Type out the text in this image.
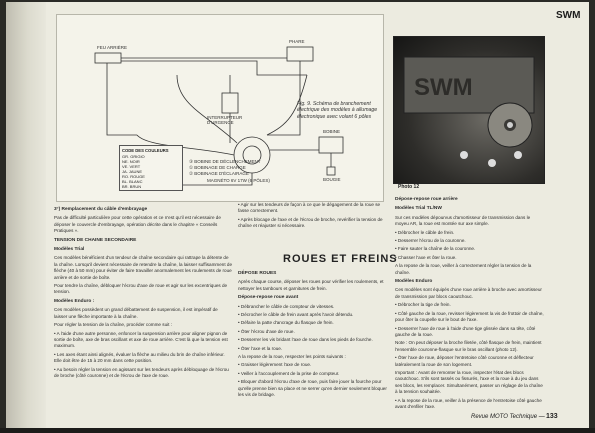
SWM
FEU ARRIÈRE
PHARE
INTERRUPTEUR D'URGENCE
MAGNÉTO 6V 17W (6 PÔLES)
BOBINE
BOUGIE
CODE DES COULEURS
GR. GRIGIO
NE. NOIR
VE. VERT
JA. JAUNE
RO. ROUGE
BL. BLANC
BR. BRUN
① BOBINAGE DE CHARGE
② BOBINAGE D'ÉCLAIRAGE
③ BOBINE DE DÉCLENCHEMENT
Fig. 9. Schéma de branchement électrique des modèles à allumage électronique avec volant 6 pôles
SWM
Photo 12

3°) Remplacement du câble d'embrayage

Pas de difficulté particulière pour cette opération et ce n'est qu'il est nécessaire de déposer le couvercle d'embrayage, opération décrite dans le chapitre « Conseils Pratiques ».

TENSION DE CHAINE SECONDAIRE

Modèles Trial

Ces modèles bénéficient d'un tendeur de chaîne secondaire qui rattrape la détente de la chaîne. Lorsqu'il devient nécessaire de retendre la chaîne, la laisser suffisamment de flèche (40 à 50 mm) pour éviter de faire travailler anormalement les roulements de roue arrière et de sortie de boîte.

Pour tendre la chaîne, débloquer l'écrou d'axe de roue et agir sur les excentriques de tension.

Modèles Enduro :

Ces modèles possèdent un grand débattement de suspension, il est impératif de laisser une flèche importante à la chaîne.

Pour régler la tension de la chaîne, procéder comme suit :

• A l'aide d'une autre personne, enfoncer la suspension arrière pour aligner pignon de sortie de boîte, axe de bras oscillant et axe de roue arrière. C'est là que la tension est maximum.

• Les axes étant ainsi alignés, évaluer la flèche au milieu du brin de chaîne inférieur. Elle doit être de 15 à 20 mm dans cette position.

• Au besoin régler la tension en agissant sur les tendeurs après débloquage de l'écrou de broche (côté couronne) et de l'écrou de l'axe de roue.

• Agir sur les tendeurs de façon à ce que le dégagement de la roue se fasse correctement.

• Après blocage de l'axe et de l'écrou de broche, revérifier la tension de chaîne et réajuster si nécessaire.

ROUES ET FREINS

DÉPOSE ROUES

Après chaque course, déposer les roues pour vérifier les roulements, et nettoyer les tambours et garnitures de frein.

Dépose-repose roue avant

• Débrancher le câble de compteur de vitesses.

• Décrocher le câble de frein avant après l'avoir détendu.

• Défaire la patte d'ancrage du flasque de frein.

• Ôter l'écrou d'axe de roue.

• Desserrer les vis bridant l'axe de roue dans les pieds de fourche.

• Ôter l'axe et la roue.

A la repose de la roue, respecter les points suivants :

• Graisser légèrement l'axe de roue.

• Veiller à l'accouplement de la prise de compteur.

• Bloquer d'abord l'écrou d'axe de roue, puis faire jouer la fourche pour qu'elle prenne bien sa place et ne serrer qu'en dernier seulement bloquer les vis de bridage.

Dépose-repose roue arrière

Modèles Trial TL/NW

Sur ces modèles dépourvus d'amortisseur de transmission dans le moyeu AR, la roue est montée sur axe simple.

• Débrocher le câble de frein.

• Desserrer l'écrou de la couronne.

• Faire sauter la chaîne de la couronne.

• Chasser l'axe et ôter la roue.

A la repose de la roue, veiller à correctement régler la tension de la chaîne.

Modèles Enduro

Ces modèles sont équipés d'une roue arrière à broche avec amortisseur de transmission par blocs caoutchouc.

• Débrocher la tige de frein.

• Côté gauche de la roue, revisser légèrement la vis de frottoir de chaîne, pour ôter la coupelle sur le bout de l'axe.

• Desserrer l'axe de roue à l'aide d'une tige glissée dans sa tête, côté gauche de la roue.

Note : On peut déposer la broche filetée, côté flasque de frein, maintient l'ensemble couronne-flasque sur le bras oscillant (photo 12).

• Ôter l'axe de roue, déposer l'entretoise côté couronne et déflecteur latéralement la roue de son logement.

Important : Avant de remonter la roue, inspecter l'état des blocs caoutchouc. S'ils sont tassés ou fissurés, l'axe et la roue à du jeu dans ses blocs, les remplacer. Simultanément, passer un réglage de la chaîne à la tension souhaitée.

• A la repose de la roue, veiller à la présence de l'entretoise côté gauche avant d'enfiler l'axe.

Revue MOTO Technique — 133
